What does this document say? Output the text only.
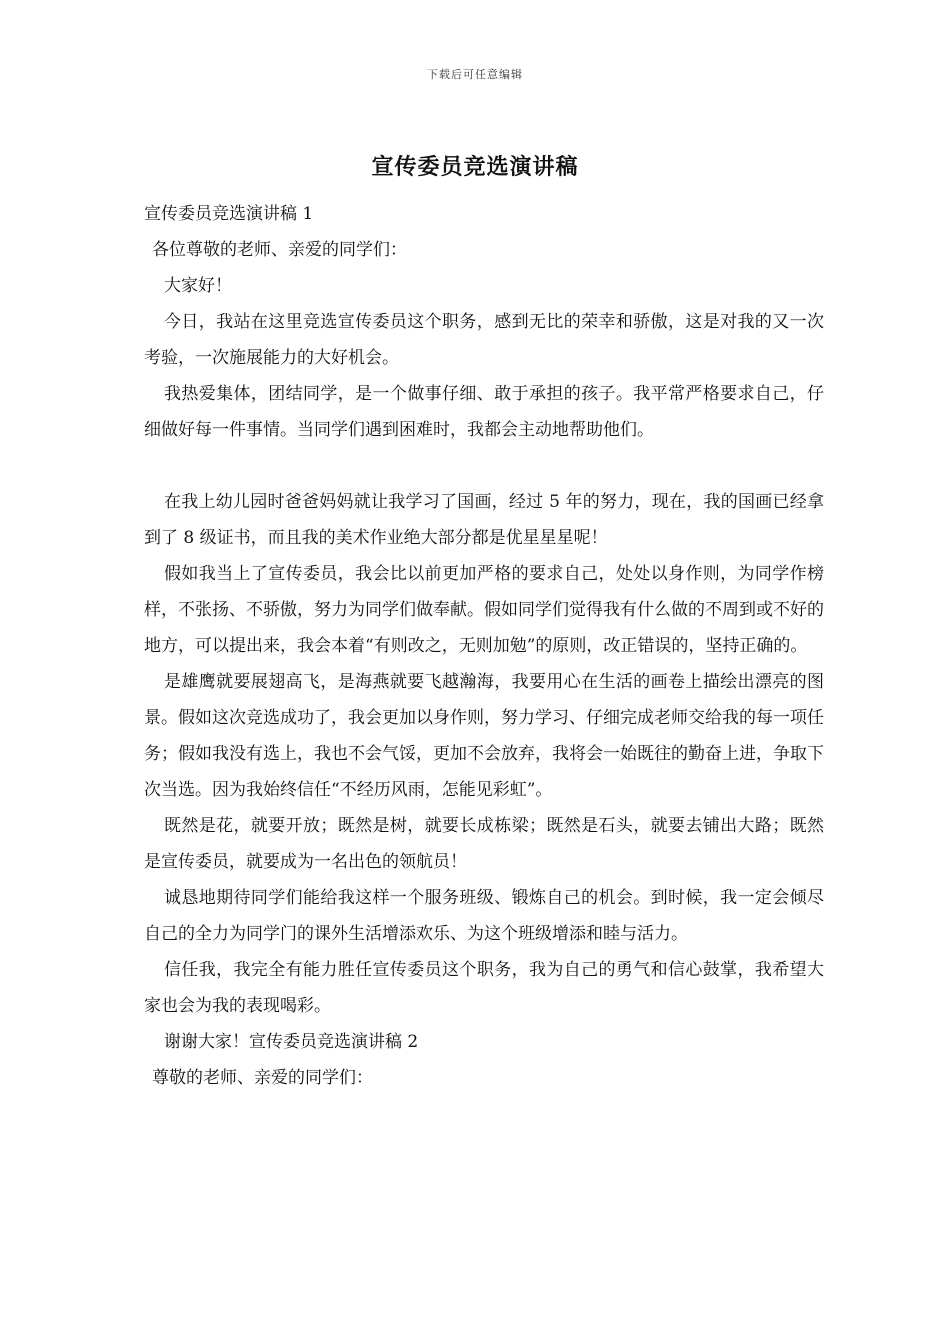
下载后可任意编辑
宣传委员竞选演讲稿

宣传委员竞选演讲稿 1

各位尊敬的老师、亲爱的同学们：

大家好！

今日，我站在这里竞选宣传委员这个职务，感到无比的荣幸和骄傲，这是对我的又一次考验，一次施展能力的大好机会。

我热爱集体，团结同学，是一个做事仔细、敢于承担的孩子。我平常严格要求自己，仔细做好每一件事情。当同学们遇到困难时，我都会主动地帮助他们。

在我上幼儿园时爸爸妈妈就让我学习了国画，经过 5 年的努力，现在，我的国画已经拿到了 8 级证书，而且我的美术作业绝大部分都是优星星星呢！

假如我当上了宣传委员，我会比以前更加严格的要求自己，处处以身作则，为同学作榜样，不张扬、不骄傲，努力为同学们做奉献。假如同学们觉得我有什么做的不周到或不好的地方，可以提出来，我会本着“有则改之，无则加勉”的原则，改正错误的，坚持正确的。

是雄鹰就要展翅高飞，是海燕就要飞越瀚海，我要用心在生活的画卷上描绘出漂亮的图景。假如这次竞选成功了，我会更加以身作则，努力学习、仔细完成老师交给我的每一项任务；假如我没有选上，我也不会气馁，更加不会放弃，我将会一始既往的勤奋上进，争取下次当选。因为我始终信任“不经历风雨，怎能见彩虹”。

既然是花，就要开放；既然是树，就要长成栋梁；既然是石头，就要去铺出大路；既然是宣传委员，就要成为一名出色的领航员！

诚恳地期待同学们能给我这样一个服务班级、锻炼自己的机会。到时候，我一定会倾尽自己的全力为同学门的课外生活增添欢乐、为这个班级增添和睦与活力。

信任我，我完全有能力胜任宣传委员这个职务，我为自己的勇气和信心鼓掌，我希望大家也会为我的表现喝彩。

谢谢大家！宣传委员竞选演讲稿 2

尊敬的老师、亲爱的同学们：
